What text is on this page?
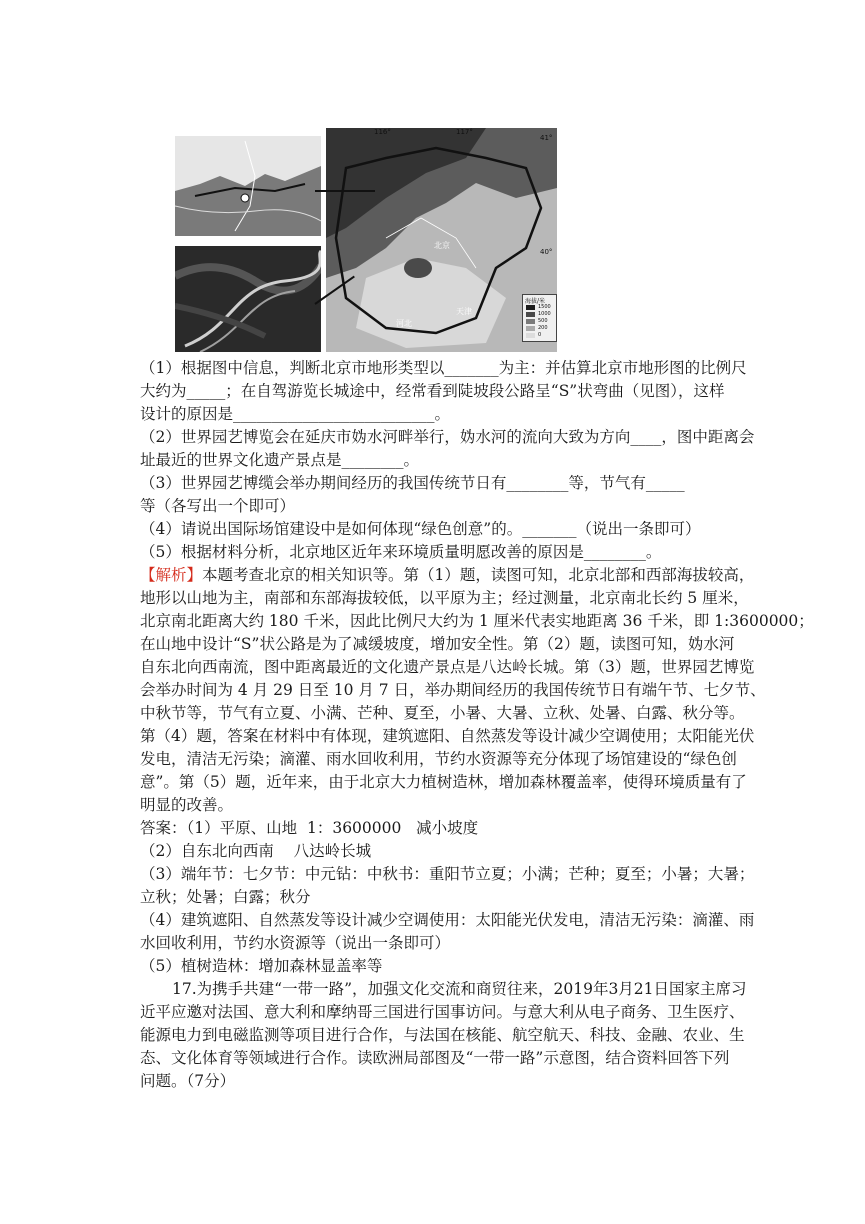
116°	117°
41°
40°
北京
天津
河北
海拔/米
1500
1000
500
200
0
（1）根据图中信息，判断北京市地形类型以_______为主：并估算北京市地形图的比例尺
大约为_____；在自驾游览长城途中，经常看到陡坡段公路呈“S”状弯曲（见图），这样
设计的原因是__________________________。
（2）世界园艺博览会在延庆市妫水河畔举行，妫水河的流向大致为方向____，图中距离会
址最近的世界文化遗产景点是________。
（3）世界园艺博缆会举办期间经历的我国传统节日有________等，节气有_____
等（各写出一个即可）
（4）请说出国际场馆建设中是如何体现“绿色创意”的。_______（说出一条即可）
（5）根据材料分析，北京地区近年来环境质量明愿改善的原因是________。
【解析】本题考查北京的相关知识等。第（1）题，读图可知，北京北部和西部海拔较高，
地形以山地为主，南部和东部海拔较低，以平原为主；经过测量，北京南北长约 5 厘米，
北京南北距离大约 180 千米，因此比例尺大约为 1 厘米代表实地距离 36 千米，即 1:3600000；
在山地中设计“S”状公路是为了减缓坡度，增加安全性。第（2）题，读图可知，妫水河
自东北向西南流，图中距离最近的文化遗产景点是八达岭长城。第（3）题，世界园艺博览
会举办时间为 4 月 29 日至 10 月 7 日，举办期间经历的我国传统节日有端午节、七夕节、
中秋节等，节气有立夏、小满、芒种、夏至，小暑、大暑、立秋、处暑、白露、秋分等。
第（4）题，答案在材料中有体现，建筑遮阳、自然蒸发等设计减少空调使用；太阳能光伏
发电，清洁无污染；滴灌、雨水回收利用，节约水资源等充分体现了场馆建设的“绿色创
意”。第（5）题，近年来，由于北京大力植树造林，增加森林覆盖率，使得环境质量有了
明显的改善。
答案：（1）平原、山地  1：3600000   减小坡度
（2）自东北向西南    八达岭长城
（3）端年节：七夕节：中元钻：中秋书：重阳节立夏；小满；芒种；夏至；小暑；大暑；
立秋；处暑；白露；秋分
（4）建筑遮阳、自然蒸发等设计减少空调使用：太阳能光伏发电，清洁无污染：滴灌、雨
水回收利用，节约水资源等（说出一条即可）
（5）植树造林：增加森林显盖率等
17.为携手共建“一带一路”，加强文化交流和商贸往来，2019年3月21日国家主席习
近平应邀对法国、意大利和摩纳哥三国进行国事访问。与意大利从电子商务、卫生医疗、
能源电力到电磁监测等项目进行合作，与法国在核能、航空航天、科技、金融、农业、生
态、文化体育等领域进行合作。读欧洲局部图及“一带一路”示意图，结合资料回答下列
问题。（7分）
